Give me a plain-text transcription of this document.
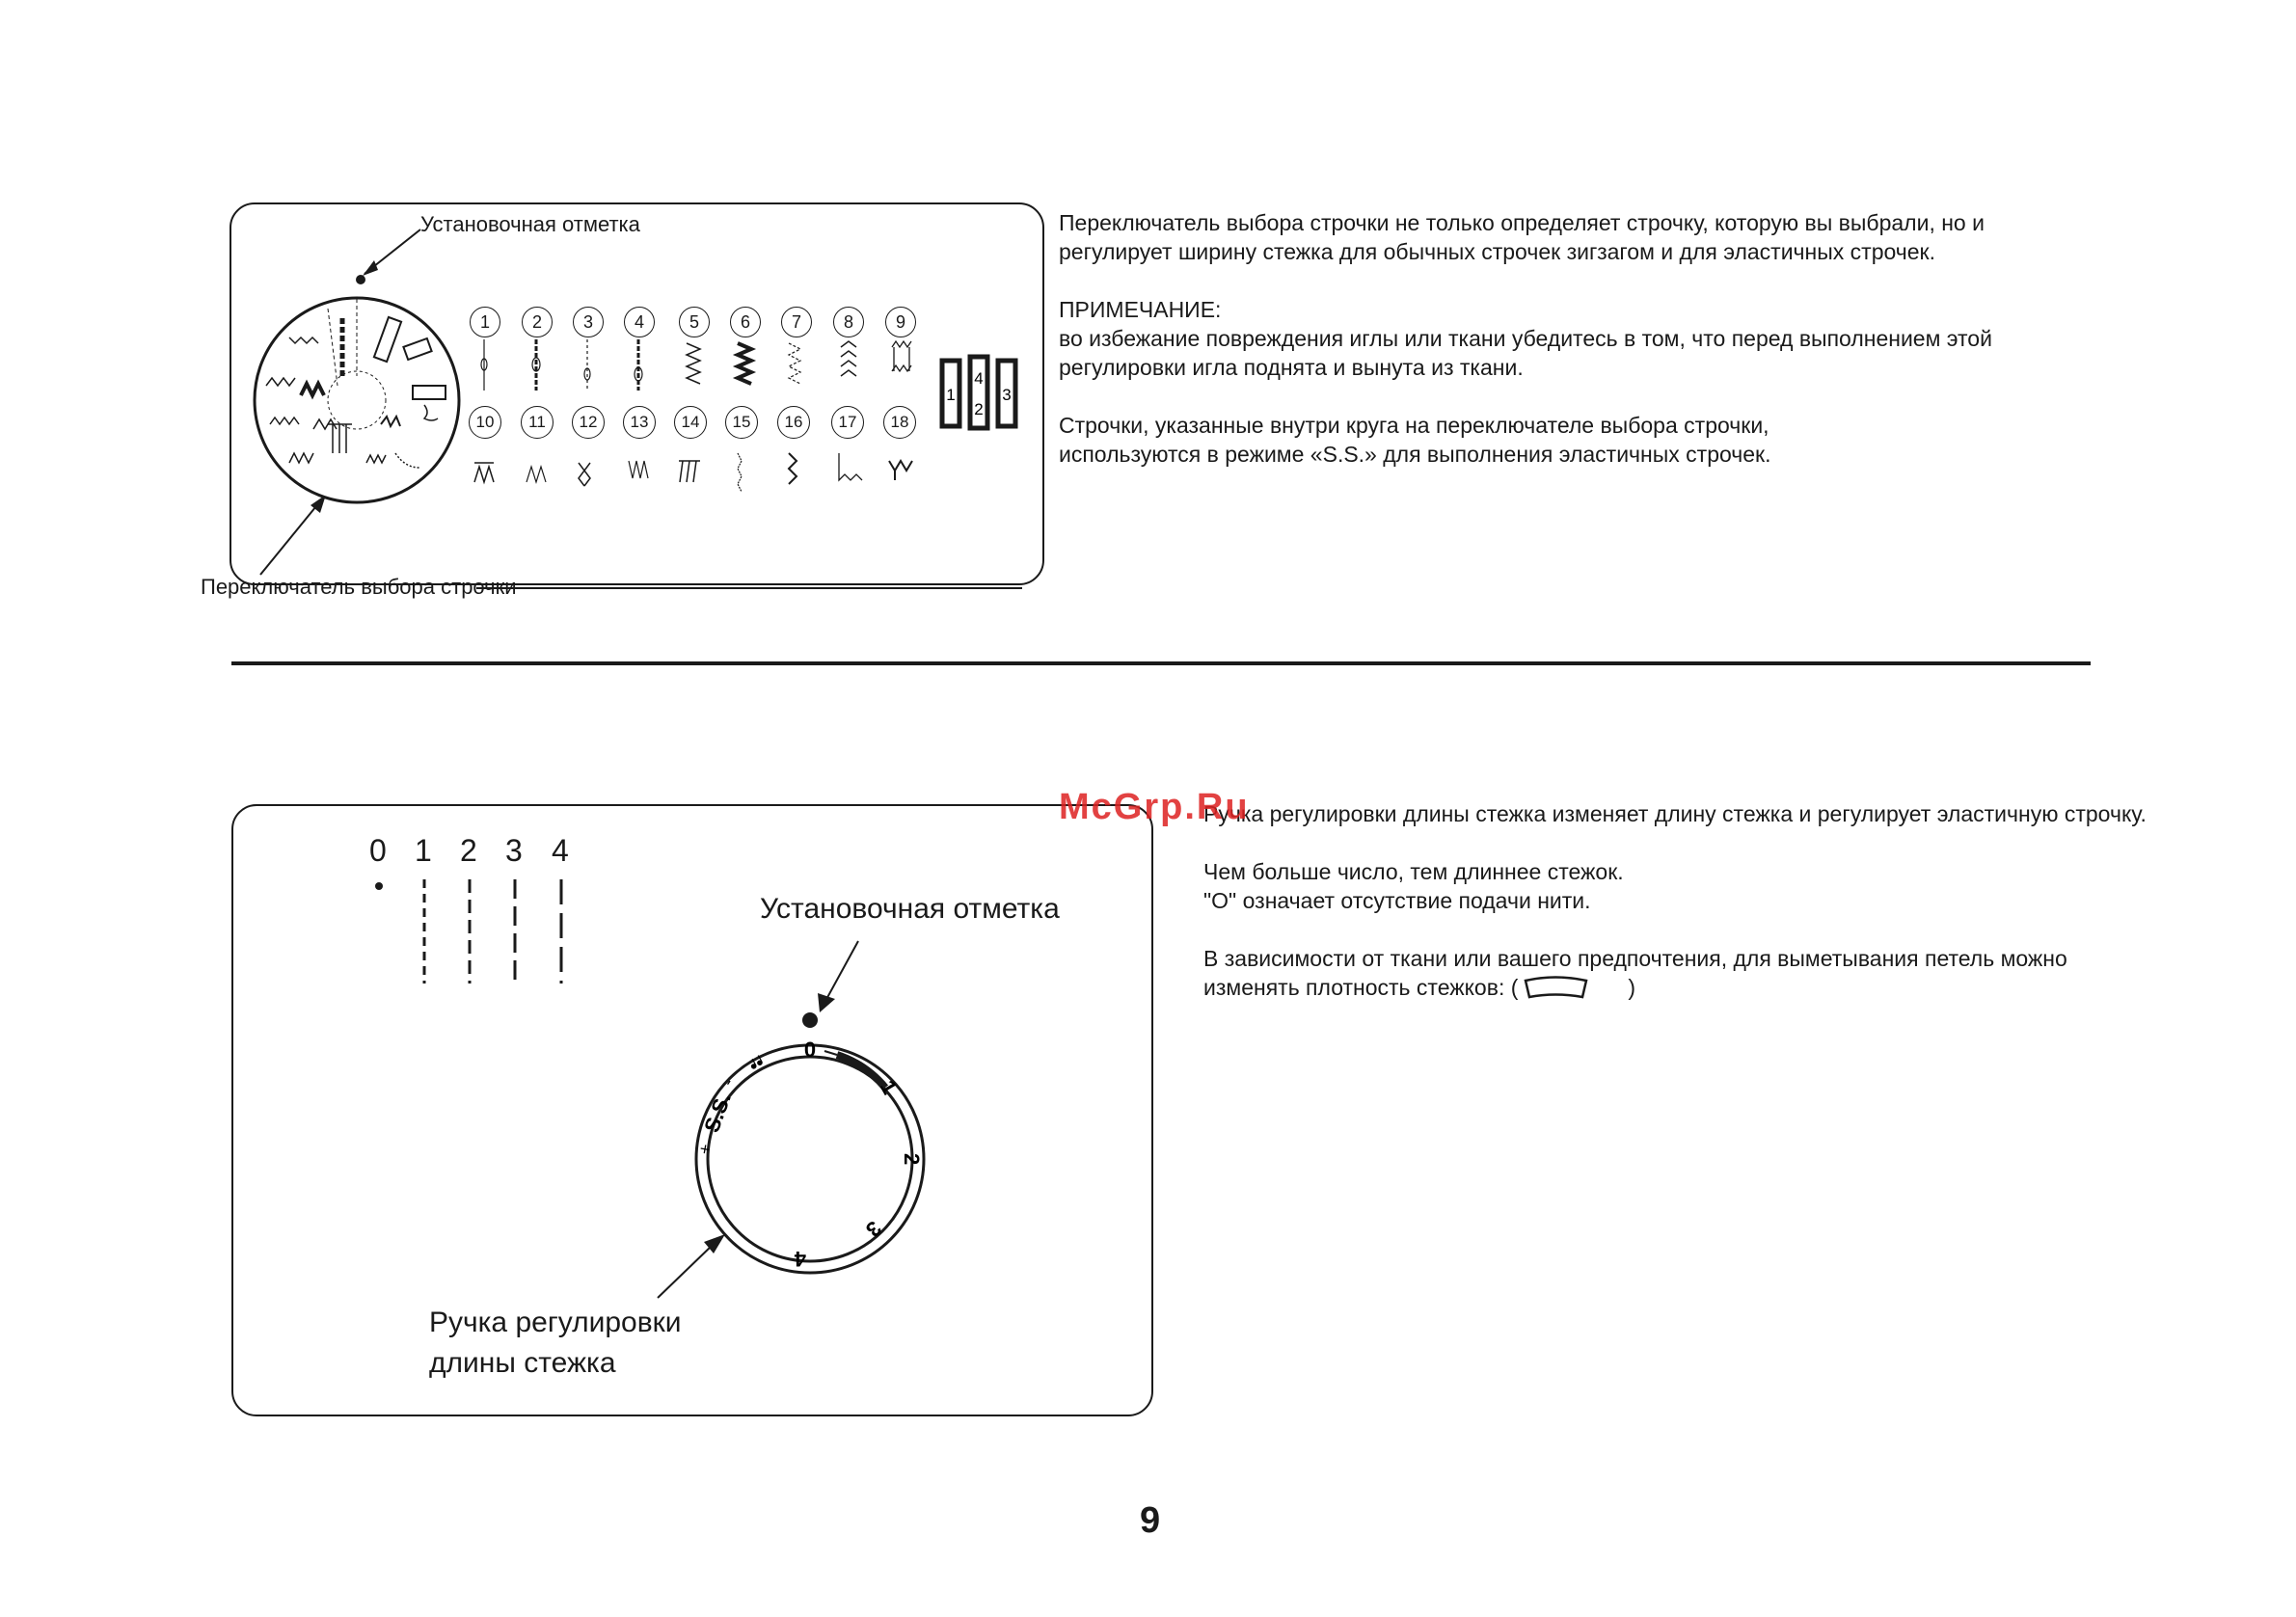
Установочная отметка
Переключатель выбора строчки
1
4
2
3
1	2	3	4	5	6	7	8	9
10	11	12	13	14	15	16	17	18

Переключатель выбора строчки не только определяет строчку, которую вы выбрали, но и

регулирует ширину стежка для обычных строчек зигзагом и для эластичных строчек.

ПРИМЕЧАНИЕ:

во избежание повреждения иглы или ткани убедитесь в том, что перед выполнением этой

регулировки игла поднята и вынута из ткани.

Строчки, указанные внутри круга на переключателе выбора строчки,

используются в режиме «S.S.» для выполнения эластичных строчек.

0 1 2 3 4
Установочная отметка
Ручка регулировки
длины стежка
0
1
2
3
4
S.S.
+
-
ᖱᖱ

Ручка регулировки длины стежка изменяет длину стежка и регулирует эластичную строчку.

Чем больше число, тем длиннее стежок.

"О" означает отсутствие подачи нити.

В зависимости от ткани или вашего предпочтения, для выметывания петель можно

изменять плотность стежков: (	)

McGrp.Ru
9
